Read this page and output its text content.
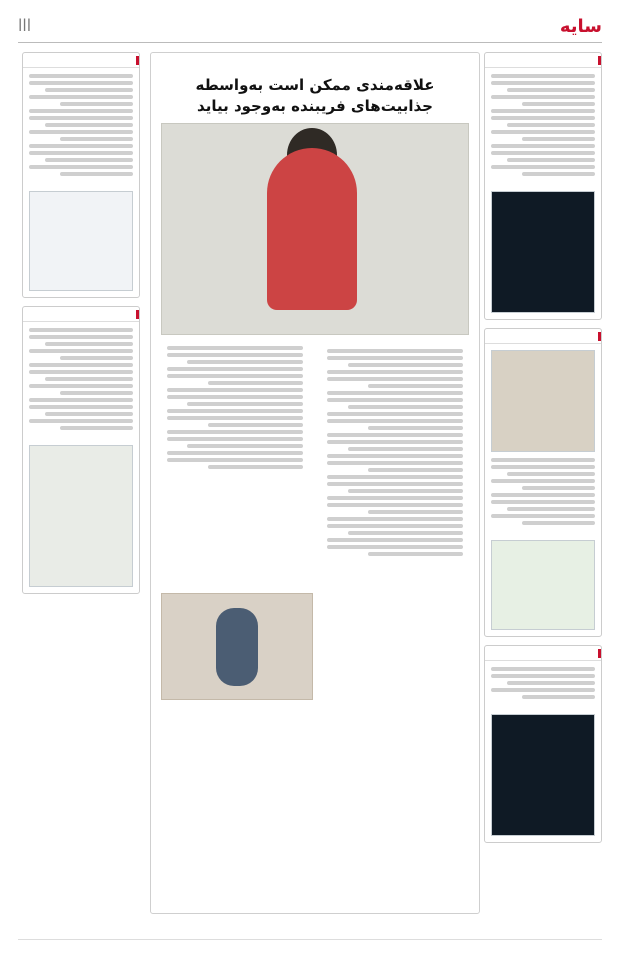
سایه
|||
علاقه‌مندی ممکن است به‌واسطه جذابیت‌های فریبنده به‌وجود بیاید
